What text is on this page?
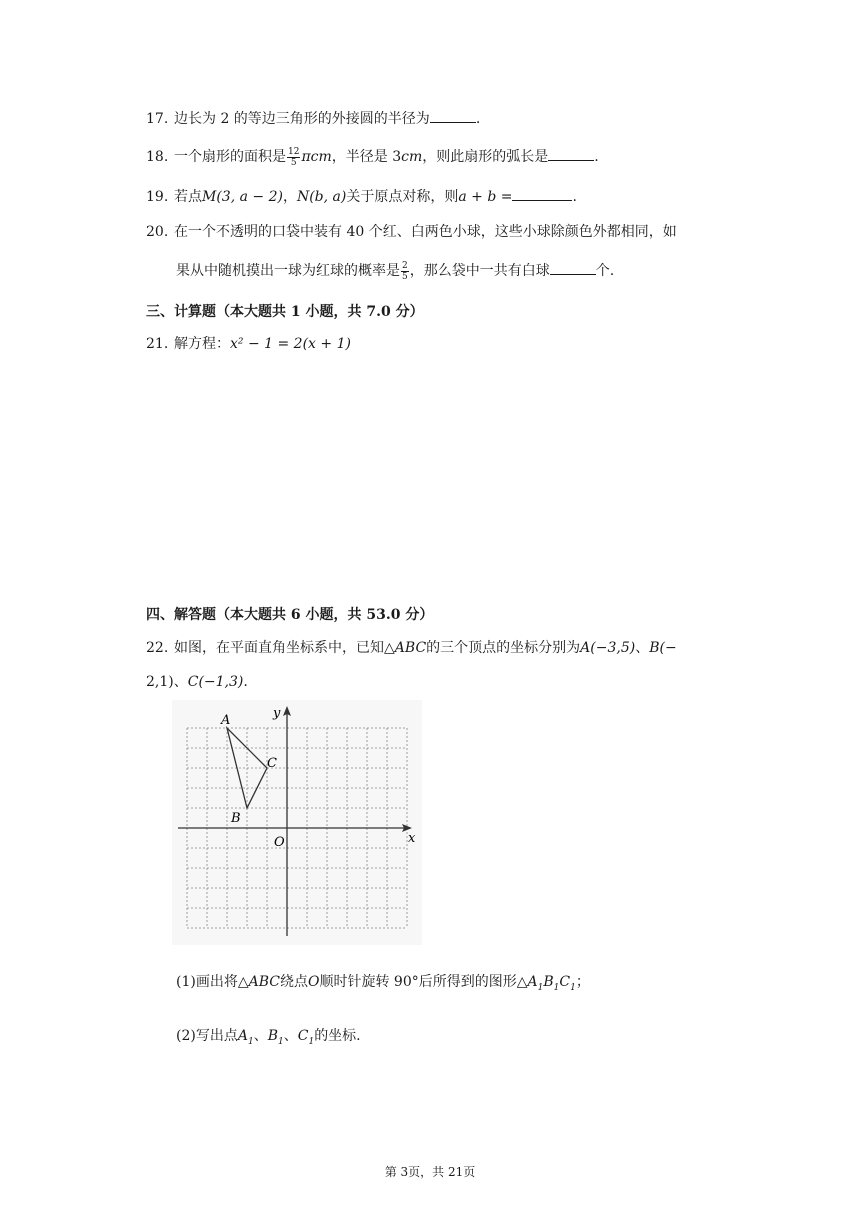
17. 边长为 2 的等边三角形的外接圆的半径为	.
18. 一个扇形的面积是 $\frac{12}{5}$ πcm，半径是 3cm，则此扇形的弧长是	.
19. 若点M(3, a − 2)，N(b, a)关于原点对称，则a + b =	.
20. 在一个不透明的口袋中装有 40 个红、白两色小球，这些小球除颜色外都相同，如
果从中随机摸出一球为红球的概率是 $\frac{2}{5}$ ，那么袋中一共有白球	个.
三、计算题（本大题共 1 小题，共 7.0 分）
21. 解方程：x² − 1 = 2(x + 1)
四、解答题（本大题共 6 小题，共 53.0 分）
22. 如图，在平面直角坐标系中，已知△ABC的三个顶点的坐标分别为A(−3,5)、B(−
2,1)、C(−1,3).
A
B
C
O	x
y
(1)画出将△ABC绕点O顺时针旋转 90°后所得到的图形$\triangle A_1B_1C_1$；
(2)写出点$A_1$、$B_1$、$C_1$的坐标.
第 3页，共 21页
